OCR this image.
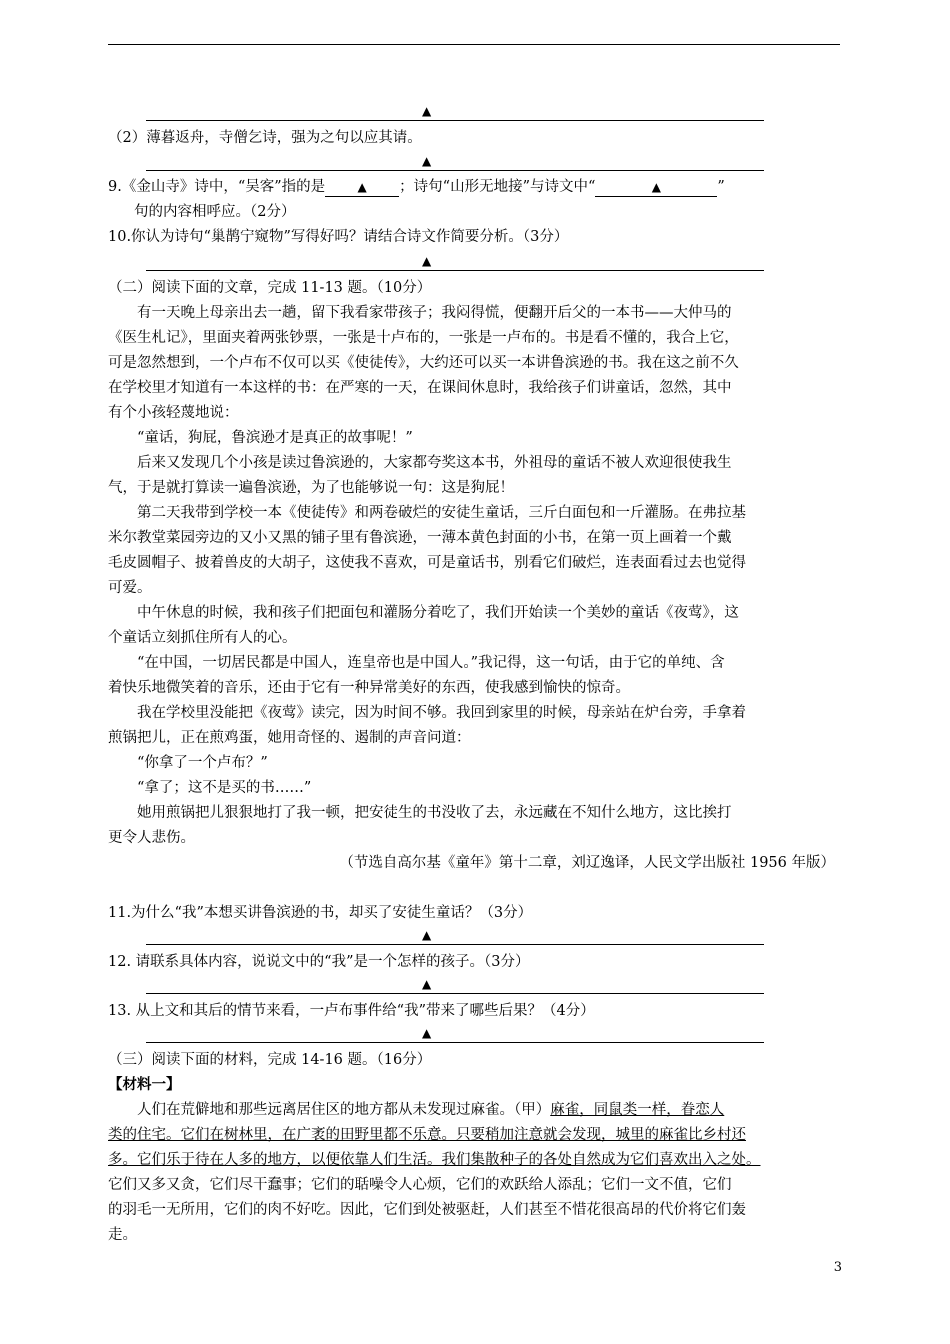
▲
（2）薄暮返舟，寺僧乞诗，强为之句以应其请。
▲
9.《金山寺》诗中，“吴客”指的是	▲ ；诗句“山形无地接”与诗文中“	▲	”
句的内容相呼应。（2分）
10.你认为诗句“巢鹊宁窥物”写得好吗？请结合诗文作简要分析。（3分）
▲
（二）阅读下面的文章，完成 11-13 题。（10分）
有一天晚上母亲出去一趟，留下我看家带孩子；我闷得慌，便翻开后父的一本书——大仲马的
《医生札记》，里面夹着两张钞票，一张是十卢布的，一张是一卢布的。书是看不懂的，我合上它，
可是忽然想到，一个卢布不仅可以买《使徒传》，大约还可以买一本讲鲁滨逊的书。我在这之前不久
在学校里才知道有一本这样的书：在严寒的一天，在课间休息时，我给孩子们讲童话，忽然，其中
有个小孩轻蔑地说：
“童话，狗屁，鲁滨逊才是真正的故事呢！”
后来又发现几个小孩是读过鲁滨逊的，大家都夸奖这本书，外祖母的童话不被人欢迎很使我生
气，于是就打算读一遍鲁滨逊，为了也能够说一句：这是狗屁！
第二天我带到学校一本《使徒传》和两卷破烂的安徒生童话，三斤白面包和一斤灌肠。在弗拉基
米尔教堂菜园旁边的又小又黑的铺子里有鲁滨逊，一薄本黄色封面的小书，在第一页上画着一个戴
毛皮圆帽子、披着兽皮的大胡子，这使我不喜欢，可是童话书，别看它们破烂，连表面看过去也觉得
可爱。
中午休息的时候，我和孩子们把面包和灌肠分着吃了，我们开始读一个美妙的童话《夜莺》，这
个童话立刻抓住所有人的心。
“在中国，一切居民都是中国人，连皇帝也是中国人。”我记得，这一句话，由于它的单纯、含
着快乐地微笑着的音乐，还由于它有一种异常美好的东西，使我感到愉快的惊奇。
我在学校里没能把《夜莺》读完，因为时间不够。我回到家里的时候，母亲站在炉台旁，手拿着
煎锅把儿，正在煎鸡蛋，她用奇怪的、遏制的声音问道：
“你拿了一个卢布？”
“拿了；这不是买的书……”
她用煎锅把儿狠狠地打了我一顿，把安徒生的书没收了去，永远藏在不知什么地方，这比挨打
更令人悲伤。
（节选自高尔基《童年》第十二章，刘辽逸译，人民文学出版社 1956 年版）
11.为什么“我”本想买讲鲁滨逊的书，却买了安徒生童话？（3分）
▲
12. 请联系具体内容，说说文中的“我”是一个怎样的孩子。（3分）
▲
13. 从上文和其后的情节来看，一卢布事件给“我”带来了哪些后果？（4分）
▲
（三）阅读下面的材料，完成 14-16 题。（16分）
【材料一】
人们在荒僻地和那些远离居住区的地方都从未发现过麻雀。（甲）麻雀，同鼠类一样，眷恋人
类的住宅。它们在树林里，在广袤的田野里都不乐意。只要稍加注意就会发现，城里的麻雀比乡村还
多。它们乐于待在人多的地方，以便依靠人们生活。我们集散种子的各处自然成为它们喜欢出入之处。
它们又多又贪，它们尽干蠢事；它们的聒噪令人心烦，它们的欢跃给人添乱；它们一文不值，它们
的羽毛一无所用，它们的肉不好吃。因此，它们到处被驱赶，人们甚至不惜花很高昂的代价将它们轰
走。
3
